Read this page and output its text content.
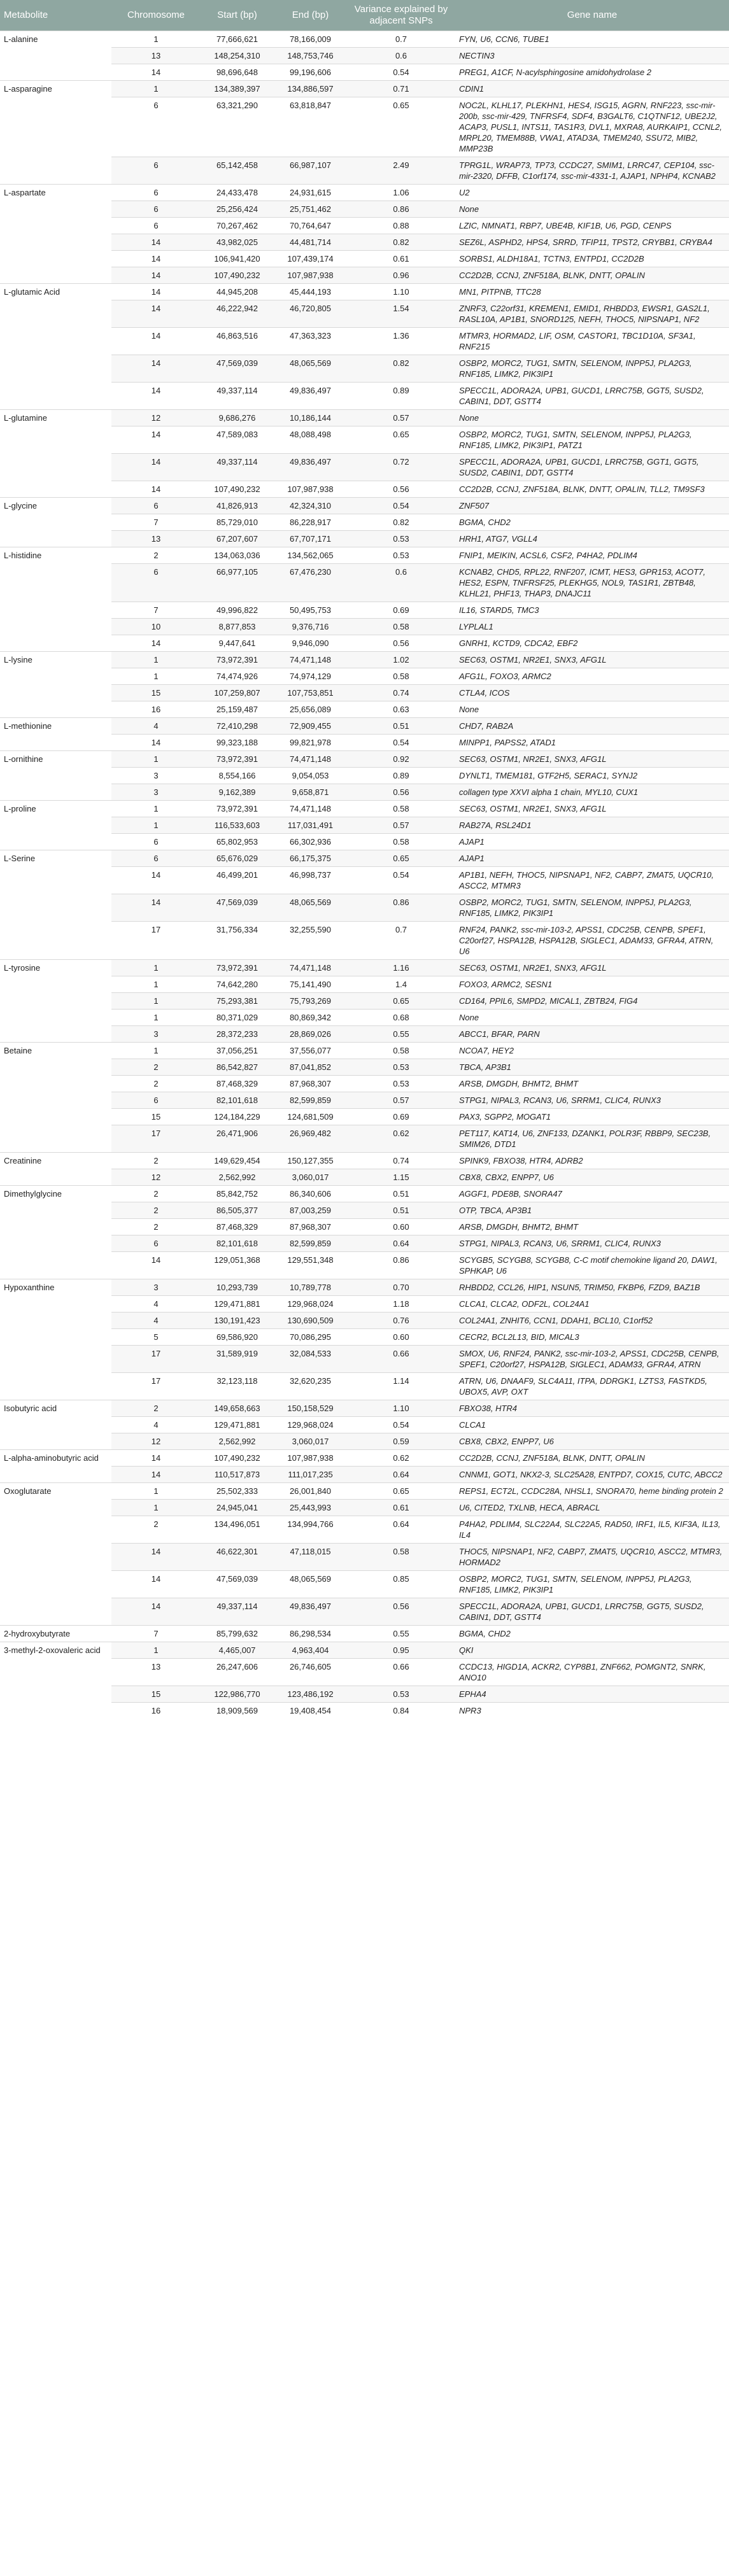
Metabolite	Chromosome	Start (bp)	End (bp)	Variance explained by adjacent SNPs	Gene name
L-alanine	1	77,666,621	78,166,009	0.7	FYN, U6, CCN6, TUBE1
	13	148,254,310	148,753,746	0.6	NECTIN3
	14	98,696,648	99,196,606	0.54	PREG1, A1CF, N-acylsphingosine amidohydrolase 2
L-asparagine	1	134,389,397	134,886,597	0.71	CDIN1
	6	63,321,290	63,818,847	0.65	NOC2L, KLHL17, PLEKHN1, HES4, ISG15, AGRN, RNF223, ssc-mir-200b, ssc-mir-429, TNFRSF4, SDF4, B3GALT6, C1QTNF12, UBE2J2, ACAP3, PUSL1, INTS11, TAS1R3, DVL1, MXRA8, AURKAIP1, CCNL2, MRPL20, TMEM88B, VWA1, ATAD3A, TMEM240, SSU72, MIB2, MMP23B
	6	65,142,458	66,987,107	2.49	TPRG1L, WRAP73, TP73, CCDC27, SMIM1, LRRC47, CEP104, ssc-mir-2320, DFFB, C1orf174, ssc-mir-4331-1, AJAP1, NPHP4, KCNAB2
L-aspartate	6	24,433,478	24,931,615	1.06	U2
	6	25,256,424	25,751,462	0.86	None
	6	70,267,462	70,764,647	0.88	LZIC, NMNAT1, RBP7, UBE4B, KIF1B, U6, PGD, CENPS
	14	43,982,025	44,481,714	0.82	SEZ6L, ASPHD2, HPS4, SRRD, TFIP11, TPST2, CRYBB1, CRYBA4
	14	106,941,420	107,439,174	0.61	SORBS1, ALDH18A1, TCTN3, ENTPD1, CC2D2B
	14	107,490,232	107,987,938	0.96	CC2D2B, CCNJ, ZNF518A, BLNK, DNTT, OPALIN
L-glutamic Acid	14	44,945,208	45,444,193	1.10	MN1, PITPNB, TTC28
	14	46,222,942	46,720,805	1.54	ZNRF3, C22orf31, KREMEN1, EMID1, RHBDD3, EWSR1, GAS2L1, RASL10A, AP1B1, SNORD125, NEFH, THOC5, NIPSNAP1, NF2
	14	46,863,516	47,363,323	1.36	MTMR3, HORMAD2, LIF, OSM, CASTOR1, TBC1D10A, SF3A1, RNF215
	14	47,569,039	48,065,569	0.82	OSBP2, MORC2, TUG1, SMTN, SELENOM, INPP5J, PLA2G3, RNF185, LIMK2, PIK3IP1
	14	49,337,114	49,836,497	0.89	SPECC1L, ADORA2A, UPB1, GUCD1, LRRC75B, GGT5, SUSD2, CABIN1, DDT, GSTT4
L-glutamine	12	9,686,276	10,186,144	0.57	None
	14	47,589,083	48,088,498	0.65	OSBP2, MORC2, TUG1, SMTN, SELENOM, INPP5J, PLA2G3, RNF185, LIMK2, PIK3IP1, PATZ1
	14	49,337,114	49,836,497	0.72	SPECC1L, ADORA2A, UPB1, GUCD1, LRRC75B, GGT1, GGT5, SUSD2, CABIN1, DDT, GSTT4
	14	107,490,232	107,987,938	0.56	CC2D2B, CCNJ, ZNF518A, BLNK, DNTT, OPALIN, TLL2, TM9SF3
L-glycine	6	41,826,913	42,324,310	0.54	ZNF507
	7	85,729,010	86,228,917	0.82	BGMA, CHD2
	13	67,207,607	67,707,171	0.53	HRH1, ATG7, VGLL4
L-histidine	2	134,063,036	134,562,065	0.53	FNIP1, MEIKIN, ACSL6, CSF2, P4HA2, PDLIM4
	6	66,977,105	67,476,230	0.6	KCNAB2, CHD5, RPL22, RNF207, ICMT, HES3, GPR153, ACOT7, HES2, ESPN, TNFRSF25, PLEKHG5, NOL9, TAS1R1, ZBTB48, KLHL21, PHF13, THAP3, DNAJC11
	7	49,996,822	50,495,753	0.69	IL16, STARD5, TMC3
	10	8,877,853	9,376,716	0.58	LYPLAL1
	14	9,447,641	9,946,090	0.56	GNRH1, KCTD9, CDCA2, EBF2
L-lysine	1	73,972,391	74,471,148	1.02	SEC63, OSTM1, NR2E1, SNX3, AFG1L
	1	74,474,926	74,974,129	0.58	AFG1L, FOXO3, ARMC2
	15	107,259,807	107,753,851	0.74	CTLA4, ICOS
	16	25,159,487	25,656,089	0.63	None
L-methionine	4	72,410,298	72,909,455	0.51	CHD7, RAB2A
	14	99,323,188	99,821,978	0.54	MINPP1, PAPSS2, ATAD1
L-ornithine	1	73,972,391	74,471,148	0.92	SEC63, OSTM1, NR2E1, SNX3, AFG1L
	3	8,554,166	9,054,053	0.89	DYNLT1, TMEM181, GTF2H5, SERAC1, SYNJ2
	3	9,162,389	9,658,871	0.56	collagen type XXVI alpha 1 chain, MYL10, CUX1
L-proline	1	73,972,391	74,471,148	0.58	SEC63, OSTM1, NR2E1, SNX3, AFG1L
	1	116,533,603	117,031,491	0.57	RAB27A, RSL24D1
	6	65,802,953	66,302,936	0.58	AJAP1
L-Serine	6	65,676,029	66,175,375	0.65	AJAP1
	14	46,499,201	46,998,737	0.54	AP1B1, NEFH, THOC5, NIPSNAP1, NF2, CABP7, ZMAT5, UQCR10, ASCC2, MTMR3
	14	47,569,039	48,065,569	0.86	OSBP2, MORC2, TUG1, SMTN, SELENOM, INPP5J, PLA2G3, RNF185, LIMK2, PIK3IP1
	17	31,756,334	32,255,590	0.7	RNF24, PANK2, ssc-mir-103-2, APSS1, CDC25B, CENPB, SPEF1, C20orf27, HSPA12B, HSPA12B, SIGLEC1, ADAM33, GFRA4, ATRN, U6
L-tyrosine	1	73,972,391	74,471,148	1.16	SEC63, OSTM1, NR2E1, SNX3, AFG1L
	1	74,642,280	75,141,490	1.4	FOXO3, ARMC2, SESN1
	1	75,293,381	75,793,269	0.65	CD164, PPIL6, SMPD2, MICAL1, ZBTB24, FIG4
	1	80,371,029	80,869,342	0.68	None
	3	28,372,233	28,869,026	0.55	ABCC1, BFAR, PARN
Betaine	1	37,056,251	37,556,077	0.58	NCOA7, HEY2
	2	86,542,827	87,041,852	0.53	TBCA, AP3B1
	2	87,468,329	87,968,307	0.53	ARSB, DMGDH, BHMT2, BHMT
	6	82,101,618	82,599,859	0.57	STPG1, NIPAL3, RCAN3, U6, SRRM1, CLIC4, RUNX3
	15	124,184,229	124,681,509	0.69	PAX3, SGPP2, MOGAT1
	17	26,471,906	26,969,482	0.62	PET117, KAT14, U6, ZNF133, DZANK1, POLR3F, RBBP9, SEC23B, SMIM26, DTD1
Creatinine	2	149,629,454	150,127,355	0.74	SPINK9, FBXO38, HTR4, ADRB2
	12	2,562,992	3,060,017	1.15	CBX8, CBX2, ENPP7, U6
Dimethylglycine	2	85,842,752	86,340,606	0.51	AGGF1, PDE8B, SNORA47
	2	86,505,377	87,003,259	0.51	OTP, TBCA, AP3B1
	2	87,468,329	87,968,307	0.60	ARSB, DMGDH, BHMT2, BHMT
	6	82,101,618	82,599,859	0.64	STPG1, NIPAL3, RCAN3, U6, SRRM1, CLIC4, RUNX3
	14	129,051,368	129,551,348	0.86	SCYGB5, SCYGB8, SCYGB8, C-C motif chemokine ligand 20, DAW1, SPHKAP, U6
Hypoxanthine	3	10,293,739	10,789,778	0.70	RHBDD2, CCL26, HIP1, NSUN5, TRIM50, FKBP6, FZD9, BAZ1B
	4	129,471,881	129,968,024	1.18	CLCA1, CLCA2, ODF2L, COL24A1
	4	130,191,423	130,690,509	0.76	COL24A1, ZNHIT6, CCN1, DDAH1, BCL10, C1orf52
	5	69,586,920	70,086,295	0.60	CECR2, BCL2L13, BID, MICAL3
	17	31,589,919	32,084,533	0.66	SMOX, U6, RNF24, PANK2, ssc-mir-103-2, APSS1, CDC25B, CENPB, SPEF1, C20orf27, HSPA12B, SIGLEC1, ADAM33, GFRA4, ATRN
	17	32,123,118	32,620,235	1.14	ATRN, U6, DNAAF9, SLC4A11, ITPA, DDRGK1, LZTS3, FASTKD5, UBOX5, AVP, OXT
Isobutyric acid	2	149,658,663	150,158,529	1.10	FBXO38, HTR4
	4	129,471,881	129,968,024	0.54	CLCA1
	12	2,562,992	3,060,017	0.59	CBX8, CBX2, ENPP7, U6
L-alpha-aminobutyric acid	14	107,490,232	107,987,938	0.62	CC2D2B, CCNJ, ZNF518A, BLNK, DNTT, OPALIN
	14	110,517,873	111,017,235	0.64	CNNM1, GOT1, NKX2-3, SLC25A28, ENTPD7, COX15, CUTC, ABCC2
Oxoglutarate	1	25,502,333	26,001,840	0.65	REPS1, ECT2L, CCDC28A, NHSL1, SNORA70, heme binding protein 2
	1	24,945,041	25,443,993	0.61	U6, CITED2, TXLNB, HECA, ABRACL
	2	134,496,051	134,994,766	0.64	P4HA2, PDLIM4, SLC22A4, SLC22A5, RAD50, IRF1, IL5, KIF3A, IL13, IL4
	14	46,622,301	47,118,015	0.58	THOC5, NIPSNAP1, NF2, CABP7, ZMAT5, UQCR10, ASCC2, MTMR3, HORMAD2
	14	47,569,039	48,065,569	0.85	OSBP2, MORC2, TUG1, SMTN, SELENOM, INPP5J, PLA2G3, RNF185, LIMK2, PIK3IP1
	14	49,337,114	49,836,497	0.56	SPECC1L, ADORA2A, UPB1, GUCD1, LRRC75B, GGT5, SUSD2, CABIN1, DDT, GSTT4
2-hydroxybutyrate	7	85,799,632	86,298,534	0.55	BGMA, CHD2
3-methyl-2-oxovaleric acid	1	4,465,007	4,963,404	0.95	QKI
	13	26,247,606	26,746,605	0.66	CCDC13, HIGD1A, ACKR2, CYP8B1, ZNF662, POMGNT2, SNRK, ANO10
	15	122,986,770	123,486,192	0.53	EPHA4
	16	18,909,569	19,408,454	0.84	NPR3
